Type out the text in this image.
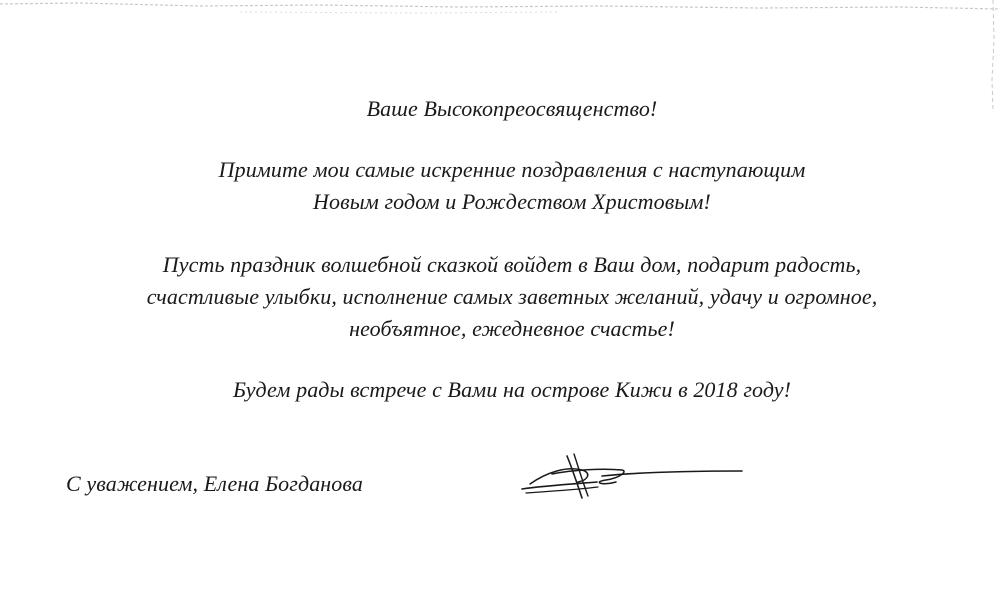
Ваше Высокопреосвященство!
Примите мои самые искренние поздравления с наступающим
Новым годом и Рождеством Христовым!
Пусть праздник волшебной сказкой войдет в Ваш дом, подарит радость,
счастливые улыбки, исполнение самых заветных желаний, удачу и огромное,
необъятное, ежедневное счастье!
Будем рады встрече с Вами на острове Кижи в 2018 году!
С уважением, Елена Богданова
